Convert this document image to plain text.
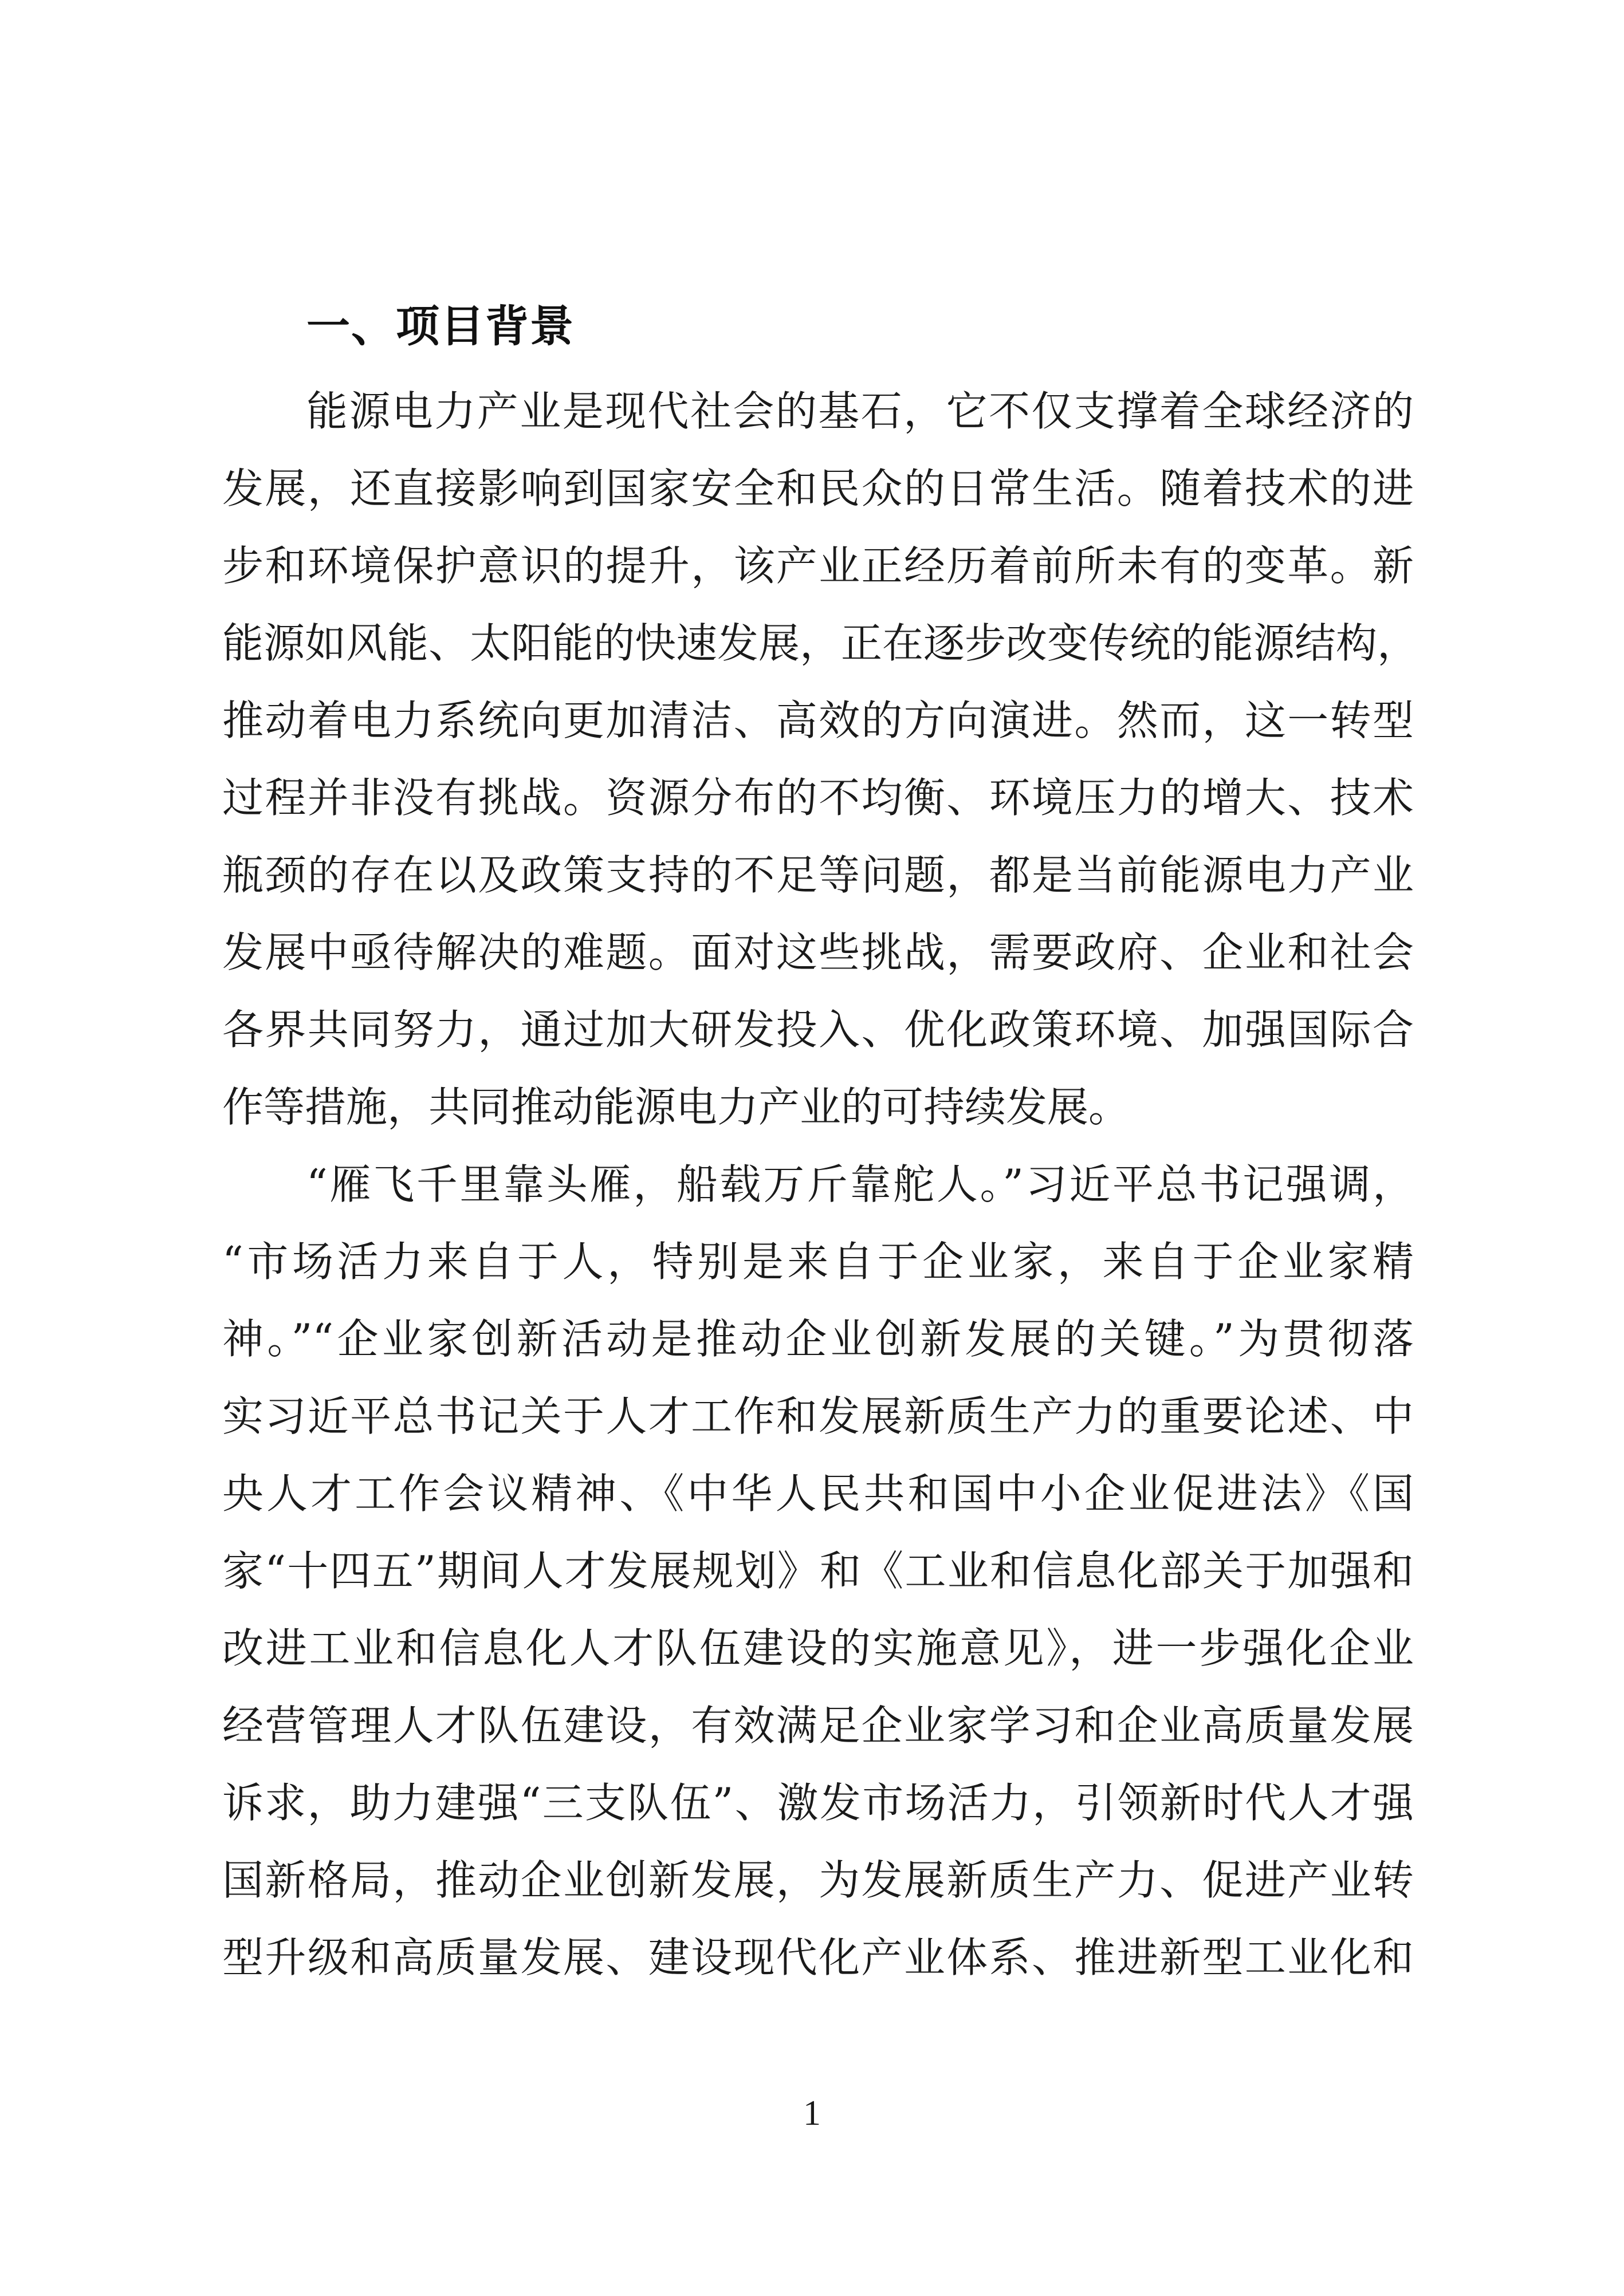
一、项目背景
能源电力产业是现代社会的基石，它不仅支撑着全球经济的
发展，还直接影响到国家安全和民众的日常生活。随着技术的进
步和环境保护意识的提升，该产业正经历着前所未有的变革。新
能源如风能、太阳能的快速发展，正在逐步改变传统的能源结构，
推动着电力系统向更加清洁、高效的方向演进。然而，这一转型
过程并非没有挑战。资源分布的不均衡、环境压力的增大、技术
瓶颈的存在以及政策支持的不足等问题，都是当前能源电力产业
发展中亟待解决的难题。面对这些挑战，需要政府、企业和社会
各界共同努力，通过加大研发投入、优化政策环境、加强国际合
作等措施，共同推动能源电力产业的可持续发展。
“雁飞千里靠头雁，船载万斤靠舵人。”习近平总书记强调，
“市场活力来自于人，特别是来自于企业家，来自于企业家精
神。”“企业家创新活动是推动企业创新发展的关键。”为贯彻落
实习近平总书记关于人才工作和发展新质生产力的重要论述、中
央人才工作会议精神、《中华人民共和国中小企业促进法》《国
家“十四五”期间人才发展规划》和《工业和信息化部关于加强和
改进工业和信息化人才队伍建设的实施意见》，进一步强化企业
经营管理人才队伍建设，有效满足企业家学习和企业高质量发展
诉求，助力建强“三支队伍”、激发市场活力，引领新时代人才强
国新格局，推动企业创新发展，为发展新质生产力、促进产业转
型升级和高质量发展、建设现代化产业体系、推进新型工业化和
1
